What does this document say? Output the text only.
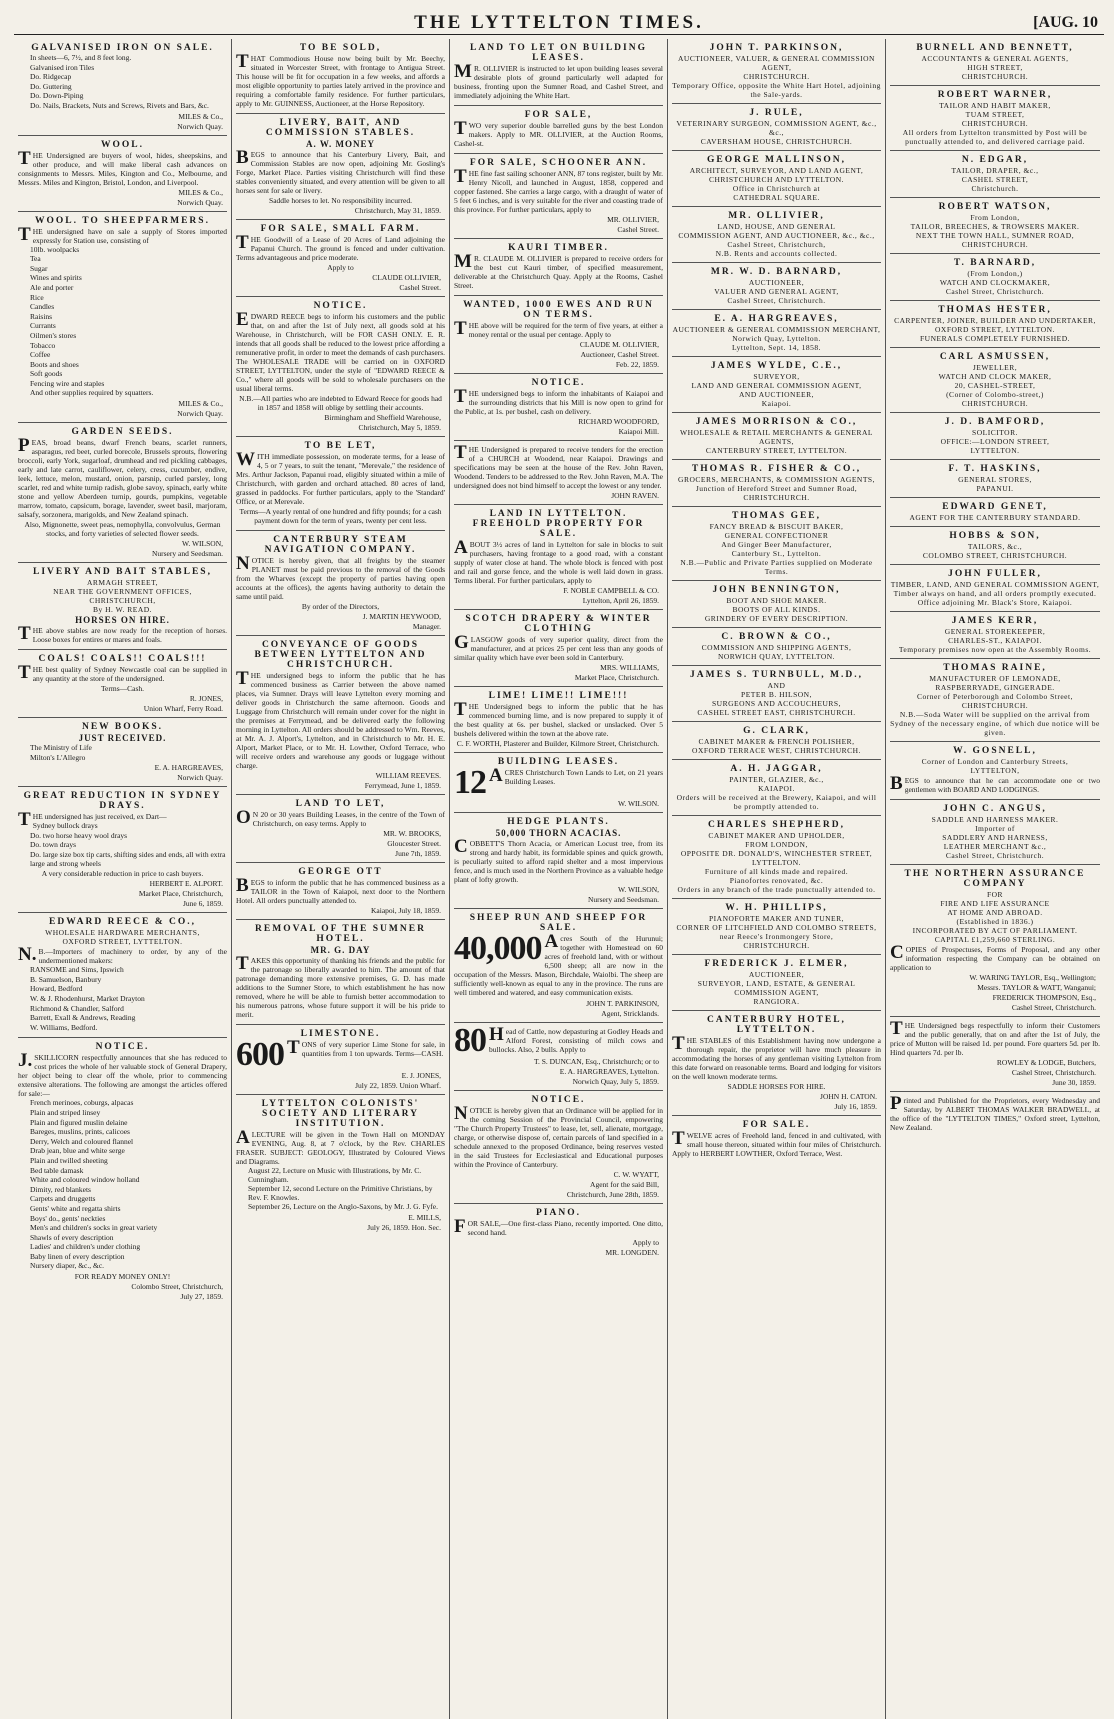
THE LYTTELTON TIMES.
[	AUG. 10
GALVANISED IRON ON SALE.
In sheets—6, 7½, and 8 feet long.
Galvanised iron Tiles
Do. Ridgecap
Do. Guttering
Do. Down-Piping
Do. Nails, Brackets, Nuts and Screws, Rivets and Bars, &c.
MILES & Co.,
Norwich Quay.
WOOL.
THE Undersigned are buyers of wool, hides, sheepskins, and other produce, and will make liberal cash advances on consignments to Messrs. Miles, Kington and Co., Melbourne, and Messrs. Miles and Kington, Bristol, London, and Liverpool.
MILES & Co.,
Norwich Quay.
WOOL. TO SHEEPFARMERS.
THE undersigned have on sale a supply of Stores imported expressly for Station use, consisting of
10lb. woolpacks
Tea
Sugar
Wines and spirits
Ale and porter
Rice
Candles
Raisins
Currants
Oilmen's stores
Tobacco
Coffee
Boots and shoes
Soft goods
Fencing wire and staples
And other supplies required by squatters.
MILES & Co.,
Norwich Quay.
GARDEN SEEDS.
PEAS, broad beans, dwarf French beans, scarlet runners, asparagus, red beet, curled borecole, Brussels sprouts, flowering broccoli, early York, sugarloaf, drumhead and red pickling cabbages, early and late carrot, cauliflower, celery, cress, cucumber, endive, leek, lettuce, melon, mustard, onion, parsnip, curled parsley, long scarlet, red and white turnip radish, globe savoy, spinach, early white stone and yellow Aberdeen turnip, gourds, pumpkins, vegetable marrow, tomato, capsicum, borage, lavender, sweet basil, marjoram, salsafy, sorzonera, marigolds, and New Zealand spinach.
Also, Mignonette, sweet peas, nemophylla, convolvulus, German stocks, and forty varieties of selected flower seeds.
W. WILSON,
Nursery and Seedsman.
LIVERY AND BAIT STABLES,
ARMAGH STREET,
NEAR THE GOVERNMENT OFFICES,
CHRISTCHURCH,
By H. W. READ.
HORSES ON HIRE.
THE above stables are now ready for the reception of horses. Loose boxes for entires or mares and foals.
COALS! COALS!! COALS!!!
THE best quality of Sydney Newcastle coal can be supplied in any quantity at the store of the undersigned.
Terms—Cash.
R. JONES,
Union Wharf, Ferry Road.
NEW BOOKS.
JUST RECEIVED.
The Ministry of Life
Milton's L'Allegro
E. A. HARGREAVES,
Norwich Quay.
GREAT REDUCTION IN SYDNEY DRAYS.
THE undersigned has just received, ex Dart—
Sydney bullock drays
Do. two horse heavy wool drays
Do. town drays
Do. large size box tip carts, shifting sides and ends, all with extra large and strong wheels
A very considerable reduction in price to cash buyers.
HERBERT E. ALPORT.
Market Place, Christchurch,
June 6, 1859.
EDWARD REECE & CO.,
WHOLESALE HARDWARE MERCHANTS,
OXFORD STREET, LYTTELTON.
N.B.—Importers of machinery to order, by any of the undermentioned makers:
RANSOME and Sims, Ipswich
B. Samuelson, Banbury
Howard, Bedford
W. & J. Rhodenhurst, Market Drayton
Richmond & Chandler, Salford
Barrett, Exall & Andrews, Reading
W. Williams, Bedford.
NOTICE.
J.SKILLICORN respectfully announces that she has reduced to cost prices the whole of her valuable stock of General Drapery, her object being to clear off the whole, prior to commencing extensive alterations. The following are amongst the articles offered for sale:—
French merinoes, coburgs, alpacas
Plain and striped linsey
Plain and figured muslin delaine
Bareges, muslins, prints, calicoes
Derry, Welch and coloured flannel
Drab jean, blue and white serge
Plain and twilled sheeting
Bed table damask
White and coloured window holland
Dimity, red blankets
Carpets and druggetts
Gents' white and regatta shirts
Boys' do., gents' neckties
Men's and children's socks in great variety
Shawls of every description
Ladies' and children's under clothing
Baby linen of every description
Nursery diaper, &c., &c.
FOR READY MONEY ONLY!
Colombo Street, Christchurch,
July 27, 1859.
TO BE SOLD,
THAT Commodious House now being built by Mr. Beechy, situated in Worcester Street, with frontage to Antigua Street. This house will be fit for occupation in a few weeks, and affords a most eligible opportunity to parties lately arrived in the province and requiring a comfortable family residence. For further particulars, apply to Mr. GUINNESS, Auctioneer, at the Horse Repository.
LIVERY, BAIT, AND COMMISSION STABLES.
A. W. MONEY
BEGS to announce that his Canterbury Livery, Bait, and Commission Stables are now open, adjoining Mr. Gosling's Forge, Market Place. Parties visiting Christchurch will find these stables conveniently situated, and every attention will be given to all horses sent for sale or livery.
Saddle horses to let. No responsibility incurred.
Christchurch, May 31, 1859.
FOR SALE, SMALL FARM.
THE Goodwill of a Lease of 20 Acres of Land adjoining the Papanui Church. The ground is fenced and under cultivation. Terms advantageous and price moderate.
Apply to
CLAUDE OLLIVIER,
Cashel Street.
NOTICE.
EDWARD REECE begs to inform his customers and the public that, on and after the 1st of July next, all goods sold at his Warehouse, in Christchurch, will be FOR CASH ONLY. E. R. intends that all goods shall be reduced to the lowest price affording a remunerative profit, in order to meet the demands of cash purchasers. The WHOLESALE TRADE will be carried on in OXFORD STREET, LYTTELTON, under the style of "EDWARD REECE & Co.," where all goods will be sold to wholesale purchasers on the usual liberal terms.
N.B.—All parties who are indebted to Edward Reece for goods had in 1857 and 1858 will oblige by settling their accounts.
Birmingham and Sheffield Warehouse,
Christchurch, May 5, 1859.
TO BE LET,
WITH immediate possession, on moderate terms, for a lease of 4, 5 or 7 years, to suit the tenant, "Merevale," the residence of Mrs. Arthur Jackson, Papanui road, eligibly situated within a mile of Christchurch, with garden and orchard attached. 80 acres of land, grassed in paddocks. For further particulars, apply to the 'Standard' Office, or at Merevale.
Terms—A yearly rental of one hundred and fifty pounds; for a cash payment down for the term of years, twenty per cent less.
CANTERBURY STEAM NAVIGATION COMPANY.
NOTICE is hereby given, that all freights by the steamer PLANET must be paid previous to the removal of the Goods from the Wharves (except the property of parties having open accounts at the offices), the agents having authority to detain the same until paid.
By order of the Directors,
J. MARTIN HEYWOOD,
Manager.
CONVEYANCE OF GOODS BETWEEN LYTTELTON AND CHRISTCHURCH.
THE undersigned begs to inform the public that he has commenced business as Carrier between the above named places, via Sumner. Drays will leave Lyttelton every morning and deliver goods in Christchurch the same afternoon. Goods and Luggage from Christchurch will remain under cover for the night in the premises at Ferrymead, and be delivered early the following morning in Lyttelton. All orders should be addressed to Wm. Reeves, at Mr. A. J. Alport's, Lyttelton, and in Christchurch to Mr. H. E. Alport, Market Place, or to Mr. H. Lowther, Oxford Terrace, who will receive orders and warehouse any goods or luggage without charge.
WILLIAM REEVES.
Ferrymead, June 1, 1859.
LAND TO LET,
ON 20 or 30 years Building Leases, in the centre of the Town of Christchurch, on easy terms. Apply to
MR. W. BROOKS,
Gloucester Street.
June 7th, 1859.
GEORGE OTT
BEGS to inform the public that he has commenced business as a TAILOR in the Town of Kaiapoi, next door to the Northern Hotel. All orders punctually attended to.
Kaiapoi, July 18, 1859.
REMOVAL OF THE SUMNER HOTEL.
MR. G. DAY
TAKES this opportunity of thanking his friends and the public for the patronage so liberally awarded to him. The amount of that patronage demanding more extensive premises, G. D. has made additions to the Sumner Store, to which establishment he has now removed, where he will be able to furnish better accommodation to his numerous patrons, whose future support it will be his pride to merit.
LIMESTONE.
600 TONS of very superior Lime Stone for sale, in quantities from 1 ton upwards. Terms—CASH.
E. J. JONES,
July 22, 1859. Union Wharf.
LYTTELTON COLONISTS' SOCIETY AND LITERARY INSTITUTION.
ALECTURE will be given in the Town Hall on MONDAY EVENING, Aug. 8, at 7 o'clock, by the Rev. CHARLES FRASER. SUBJECT: GEOLOGY, Illustrated by Coloured Views and Diagrams.
August 22, Lecture on Music with Illustrations, by Mr. C. Cunningham.
September 12, second Lecture on the Primitive Christians, by Rev. F. Knowles.
September 26, Lecture on the Anglo-Saxons, by Mr. J. G. Fyfe.
E. MILLS,
July 26, 1859. Hon. Sec.
LAND TO LET ON BUILDING LEASES.
MR. OLLIVIER is instructed to let upon building leases several desirable plots of ground particularly well adapted for business, fronting upon the Sumner Road, and Cashel Street, and immediately adjoining the White Hart.
FOR SALE,
TWO very superior double barrelled guns by the best London makers. Apply to MR. OLLIVIER, at the Auction Rooms, Cashel-st.
FOR SALE, SCHOONER ANN.
THE fine fast sailing schooner ANN, 87 tons register, built by Mr. Henry Nicoll, and launched in August, 1858, coppered and copper fastened. She carries a large cargo, with a draught of water of 5 feet 6 inches, and is very suitable for the river and coasting trade of this province. For further particulars, apply to
MR. OLLIVIER,
Cashel Street.
KAURI TIMBER.
MR. CLAUDE M. OLLIVIER is prepared to receive orders for the best cut Kauri timber, of specified measurement, deliverable at the Christchurch Quay. Apply at the Rooms, Cashel Street.
WANTED, 1000 EWES AND RUN ON TERMS.
THE above will be required for the term of five years, at either a money rental or the usual per centage. Apply to
CLAUDE M. OLLIVIER,
Auctioneer, Cashel Street.
Feb. 22, 1859.
NOTICE.
THE undersigned begs to inform the inhabitants of Kaiapoi and the surrounding districts that his Mill is now open to grind for the Public, at 1s. per bushel, cash on delivery.
RICHARD WOODFORD,
Kaiapoi Mill.
THE Undersigned is prepared to receive tenders for the erection of a CHURCH at Woodend, near Kaiapoi. Drawings and specifications may be seen at the house of the Rev. John Raven, Woodend. Tenders to be addressed to the Rev. John Raven, M.A. The undersigned does not bind himself to accept the lowest or any tender.
JOHN RAVEN.
LAND IN LYTTELTON. FREEHOLD PROPERTY FOR SALE.
ABOUT 3½ acres of land in Lyttelton for sale in blocks to suit purchasers, having frontage to a good road, with a constant supply of water close at hand. The whole block is fenced with post and rail and gorse fence, and the whole is well laid down in grass. Terms liberal. For further particulars, apply to
F. NOBLE CAMPBELL & CO.
Lyttelton, April 26, 1859.
SCOTCH DRAPERY & WINTER CLOTHING
GLASGOW goods of very superior quality, direct from the manufacturer, and at prices 25 per cent less than any goods of similar quality which have ever been sold in Canterbury.
MRS. WILLIAMS,
Market Place, Christchurch.
LIME! LIME!! LIME!!!
THE Undersigned begs to inform the public that he has commenced burning lime, and is now prepared to supply it of the best quality at 6s. per bushel, slacked or unslacked. Over 5 bushels delivered within the town at the above rate.
C. F. WORTH, Plasterer and Builder, Kilmore Street, Christchurch.
BUILDING LEASES.
12 ACRES Christchurch Town Lands to Let, on 21 years Building Leases.
W. WILSON.
HEDGE PLANTS.
50,000 THORN ACACIAS.
COBBETT'S Thorn Acacia, or American Locust tree, from its strong and hardy habit, its formidable spines and quick growth, is peculiarly suited to afford rapid shelter and a most impervious fence, and is much used in the Northern Province as a valuable hedge plant of lofty growth.
W. WILSON,
Nursery and Seedsman.
SHEEP RUN AND SHEEP FOR SALE.
40,000 Acres South of the Hurunui; together with Homestead on 60 acres of freehold land, with or without 6,500 sheep; all are now in the occupation of the Messrs. Mason, Birchdale, Waiolbi. The sheep are sufficiently well-known as equal to any in the province. The runs are well timbered and watered, and easy communication exists.
JOHN T. PARKINSON,
Agent, Stricklands.
80 Head of Cattle, now depasturing at Godley Heads and Alford Forest, consisting of milch cows and bullocks. Also, 2 bulls. Apply to
T. S. DUNCAN, Esq., Christchurch; or to
E. A. HARGREAVES, Lyttelton.
Norwich Quay, July 5, 1859.
NOTICE.
NOTICE is hereby given that an Ordinance will be applied for in the coming Session of the Provincial Council, empowering "The Church Property Trustees" to lease, let, sell, alienate, mortgage, charge, or otherwise dispose of, certain parcels of land specified in a schedule annexed to the proposed Ordinance, being reserves vested in the said Trustees for Ecclesiastical and Educational purposes within the Province of Canterbury.
C. W. WYATT,
Agent for the said Bill,
Christchurch, June 28th, 1859.
PIANO.
FOR SALE,—One first-class Piano, recently imported. One ditto, second hand.
Apply to
MR. LONGDEN.
JOHN T. PARKINSON,
AUCTIONEER, VALUER, & GENERAL COMMISSION AGENT,
CHRISTCHURCH.
Temporary Office, opposite the White Hart Hotel, adjoining the Sale-yards.
J. RULE,
VETERINARY SURGEON, COMMISSION AGENT, &c., &c.,
CAVERSHAM HOUSE, CHRISTCHURCH.
GEORGE MALLINSON,
ARCHITECT, SURVEYOR, AND LAND AGENT,
CHRISTCHURCH AND LYTTELTON.
Office in Christchurch at
CATHEDRAL SQUARE.
MR. OLLIVIER,
LAND, HOUSE, AND GENERAL
COMMISSION AGENT, AND AUCTIONEER, &c., &c.,
Cashel Street, Christchurch,
N.B. Rents and accounts collected.
MR. W. D. BARNARD,
AUCTIONEER,
VALUER AND GENERAL AGENT,
Cashel Street, Christchurch.
E. A. HARGREAVES,
AUCTIONEER & GENERAL COMMISSION MERCHANT,
Norwich Quay, Lyttelton.
Lyttelton, Sept. 14, 1858.
JAMES WYLDE, C.E.,
SURVEYOR,
LAND AND GENERAL COMMISSION AGENT,
AND AUCTIONEER,
Kaiapoi.
JAMES MORRISON & CO.,
WHOLESALE & RETAIL MERCHANTS & GENERAL AGENTS,
CANTERBURY STREET, LYTTELTON.
THOMAS R. FISHER & CO.,
GROCERS, MERCHANTS, & COMMISSION AGENTS,
Junction of Hereford Street and Sumner Road,
CHRISTCHURCH.
THOMAS GEE,
FANCY BREAD & BISCUIT BAKER,
GENERAL CONFECTIONER
And Ginger Beer Manufacturer,
Canterbury St., Lyttelton.
N.B.—Public and Private Parties supplied on Moderate Terms.
JOHN BENNINGTON,
BOOT AND SHOE MAKER.
BOOTS OF ALL KINDS.
GRINDERY OF EVERY DESCRIPTION.
C. BROWN & CO.,
COMMISSION AND SHIPPING AGENTS,
NORWICH QUAY, LYTTELTON.
JAMES S. TURNBULL, M.D.,
AND
PETER B. HILSON,
SURGEONS AND ACCOUCHEURS,
CASHEL STREET EAST, CHRISTCHURCH.
G. CLARK,
CABINET MAKER & FRENCH POLISHER,
OXFORD TERRACE WEST, CHRISTCHURCH.
A. H. JAGGAR,
PAINTER, GLAZIER, &c.,
KAIAPOI.
Orders will be received at the Brewery, Kaiapoi, and will be promptly attended to.
CHARLES SHEPHERD,
CABINET MAKER AND UPHOLDER,
FROM LONDON,
OPPOSITE DR. DONALD'S, WINCHESTER STREET,
LYTTELTON.
Furniture of all kinds made and repaired.
Pianofortes renovated, &c.
Orders in any branch of the trade punctually attended to.
W. H. PHILLIPS,
PIANOFORTE MAKER AND TUNER,
CORNER OF LITCHFIELD AND COLOMBO STREETS,
near Reece's Ironmongery Store,
CHRISTCHURCH.
FREDERICK J. ELMER,
AUCTIONEER,
SURVEYOR, LAND, ESTATE, & GENERAL COMMISSION AGENT,
RANGIORA.
CANTERBURY HOTEL, LYTTELTON.
THE STABLES of this Establishment having now undergone a thorough repair, the proprietor will have much pleasure in accommodating the horses of any gentleman visiting Lyttelton from this date forward on reasonable terms. Board and lodging for visitors on the well known moderate terms.
SADDLE HORSES FOR HIRE.
JOHN H. CATON.
July 16, 1859.
FOR SALE.
TWELVE acres of Freehold land, fenced in and cultivated, with small house thereon, situated within four miles of Christchurch. Apply to HERBERT LOWTHER, Oxford Terrace, West.
BURNELL AND BENNETT,
ACCOUNTANTS & GENERAL AGENTS,
HIGH STREET,
CHRISTCHURCH.
ROBERT WARNER,
TAILOR AND HABIT MAKER,
TUAM STREET,
CHRISTCHURCH.
All orders from Lyttelton transmitted by Post will be punctually attended to, and delivered carriage paid.
N. EDGAR,
TAILOR, DRAPER, &c.,
CASHEL STREET,
Christchurch.
ROBERT WATSON,
From London,
TAILOR, BREECHES, & TROWSERS MAKER.
NEXT THE TOWN HALL, SUMNER ROAD,
CHRISTCHURCH.
T. BARNARD,
(From London,)
WATCH AND CLOCKMAKER,
Cashel Street, Christchurch.
THOMAS HESTER,
CARPENTER, JOINER, BUILDER AND UNDERTAKER,
OXFORD STREET, LYTTELTON.
FUNERALS COMPLETELY FURNISHED.
CARL ASMUSSEN,
JEWELLER,
WATCH AND CLOCK MAKER,
20, CASHEL-STREET,
(Corner of Colombo-street,)
CHRISTCHURCH.
J. D. BAMFORD,
SOLICITOR.
OFFICE:—LONDON STREET,
LYTTELTON.
F. T. HASKINS,
GENERAL STORES,
PAPANUI.
EDWARD GENET,
AGENT FOR THE CANTERBURY STANDARD.
HOBBS & SON,
TAILORS, &c.,
COLOMBO STREET, CHRISTCHURCH.
JOHN FULLER,
TIMBER, LAND, AND GENERAL COMMISSION AGENT,
Timber always on hand, and all orders promptly executed.
Office adjoining Mr. Black's Store, Kaiapoi.
JAMES KERR,
GENERAL STOREKEEPER,
CHARLES-ST., KAIAPOI.
Temporary premises now open at the Assembly Rooms.
THOMAS RAINE,
MANUFACTURER OF LEMONADE,
RASPBERRYADE, GINGERADE.
Corner of Peterborough and Colombo Street,
CHRISTCHURCH.
N.B.—Soda Water will be supplied on the arrival from Sydney of the necessary engine, of which due notice will be given.
W. GOSNELL,
Corner of London and Canterbury Streets,
LYTTELTON,
BEGS to announce that he can accommodate one or two gentlemen with BOARD AND LODGINGS.
JOHN C. ANGUS,
SADDLE AND HARNESS MAKER.
Importer of
SADDLERY AND HARNESS,
LEATHER MERCHANT &c.,
Cashel Street, Christchurch.
THE NORTHERN ASSURANCE COMPANY
FOR
FIRE AND LIFE ASSURANCE
AT HOME AND ABROAD.
(Established in 1836.)
INCORPORATED BY ACT OF PARLIAMENT.
CAPITAL £1,259,660 STERLING.
COPIES of Prospectuses, Forms of Proposal, and any other information respecting the Company can be obtained on application to
W. WARING TAYLOR, Esq., Wellington;
Messrs. TAYLOR & WATT, Wanganui;
FREDERICK THOMPSON, Esq.,
Cashel Street, Christchurch.
THE Undersigned begs respectfully to inform their Customers and the public generally, that on and after the 1st of July, the price of Mutton will be raised 1d. per pound. Fore quarters 5d. per lb. Hind quarters 7d. per lb.
ROWLEY & LODGE, Butchers,
Cashel Street, Christchurch.
June 30, 1859.
Printed and Published for the Proprietors, every Wednesday and Saturday, by ALBERT THOMAS WALKER BRADWELL, at the office of the "LYTTELTON TIMES," Oxford street, Lyttelton, New Zealand.
